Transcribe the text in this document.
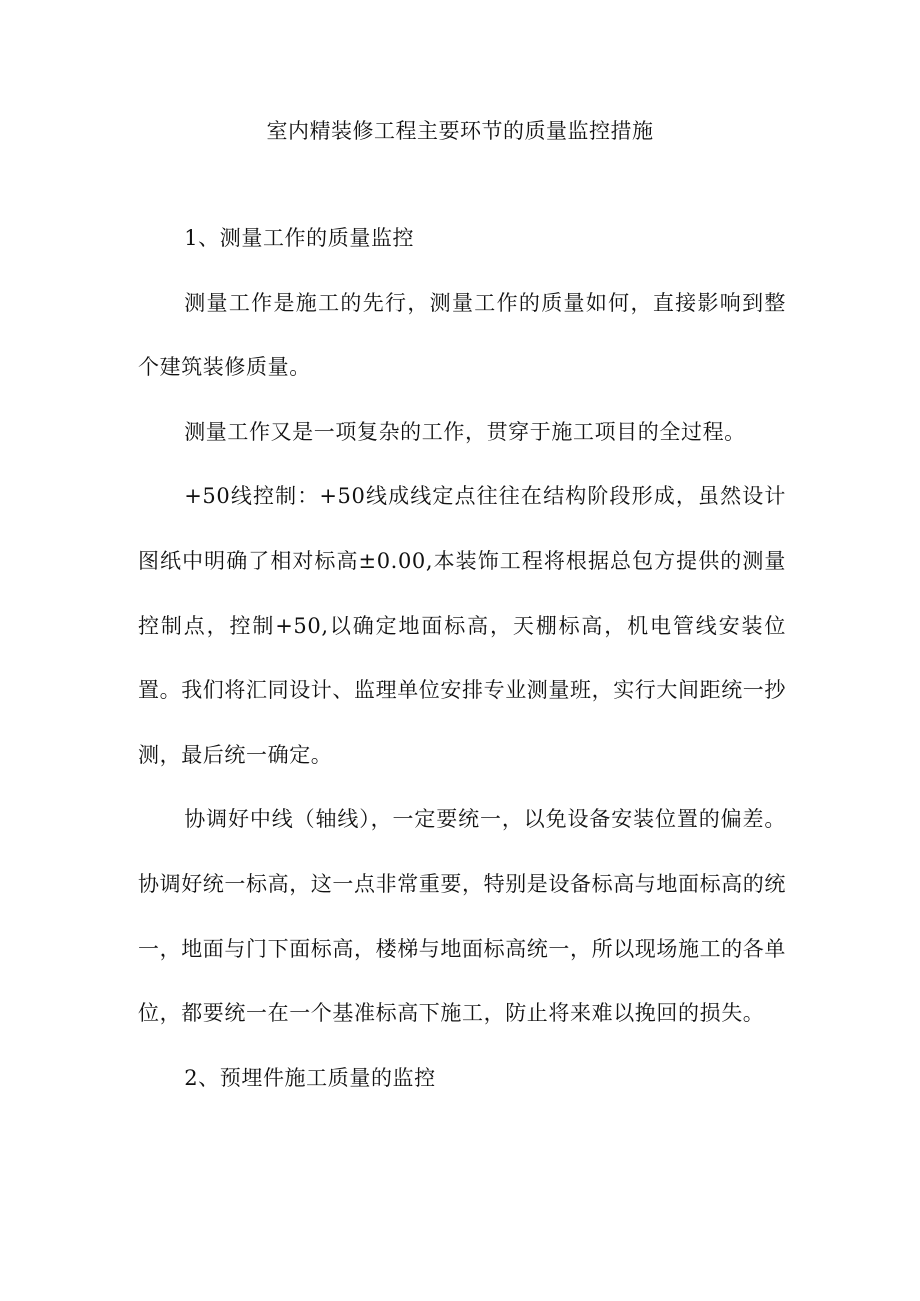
室内精装修工程主要环节的质量监控措施

1、测量工作的质量监控

测量工作是施工的先行，测量工作的质量如何，直接影响到整个建筑装修质量。

测量工作又是一项复杂的工作，贯穿于施工项目的全过程。

+50线控制：+50线成线定点往往在结构阶段形成，虽然设计图纸中明确了相对标高±0.00,本装饰工程将根据总包方提供的测量控制点，控制+50,以确定地面标高，天棚标高，机电管线安装位置。我们将汇同设计、监理单位安排专业测量班，实行大间距统一抄测，最后统一确定。

协调好中线（轴线），一定要统一，以免设备安装位置的偏差。协调好统一标高，这一点非常重要，特别是设备标高与地面标高的统一，地面与门下面标高，楼梯与地面标高统一，所以现场施工的各单位，都要统一在一个基准标高下施工，防止将来难以挽回的损失。

2、预埋件施工质量的监控
